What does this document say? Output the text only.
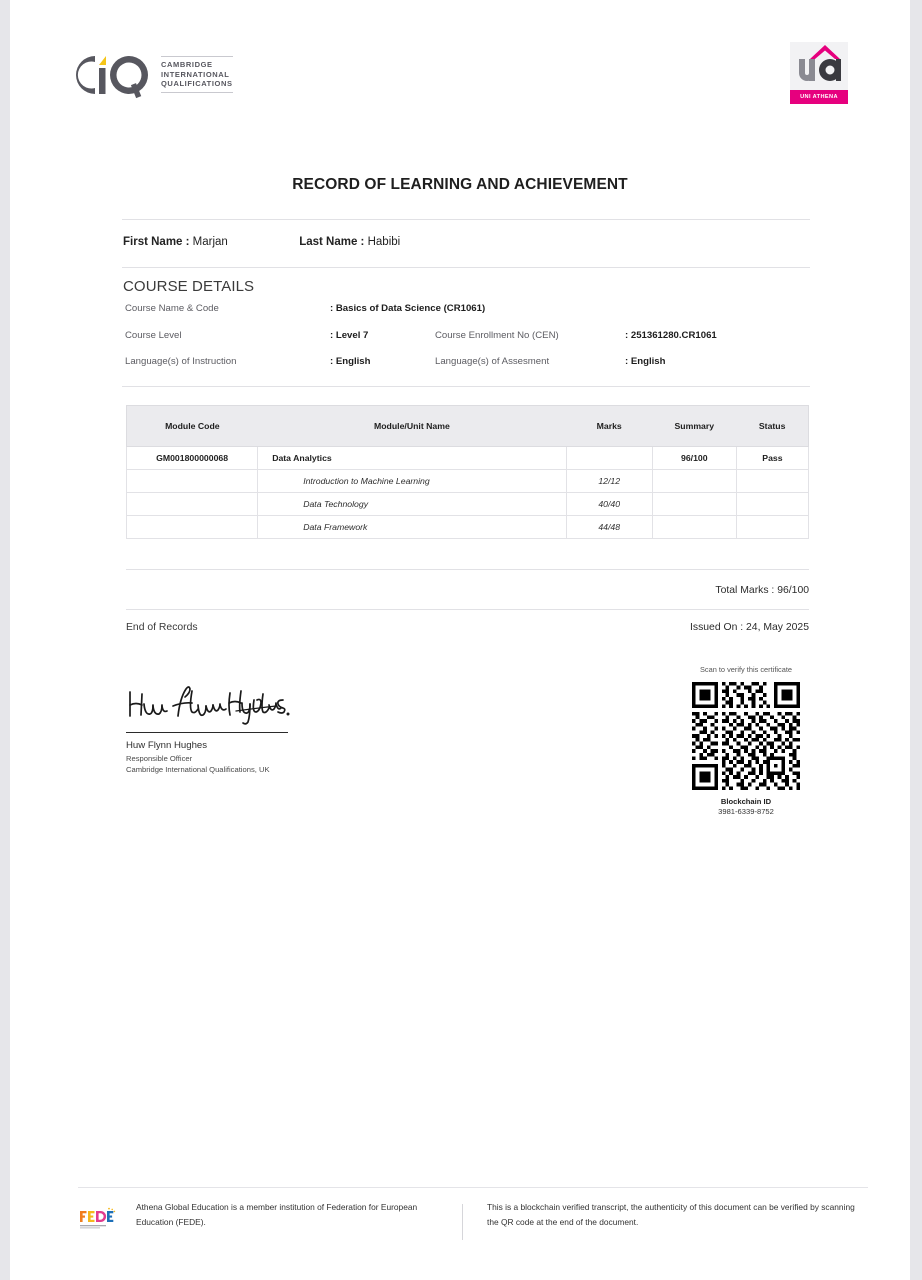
CAMBRIDGE
INTERNATIONAL
QUALIFICATIONS
UNI ATHENA
RECORD OF LEARNING AND ACHIEVEMENT
First Name : Marjan	Last Name : Habibi
COURSE DETAILS
Course Name & Code	: Basics of Data Science (CR1061)
Course Level	: Level 7	Course Enrollment No (CEN)	: 251361280.CR1061
Language(s) of Instruction	: English	Language(s) of Assesment	: English
Module Code	Module/Unit Name	Marks	Summary	Status
GM001800000068	Data Analytics		96/100	Pass
	Introduction to Machine Learning	12/12		
	Data Technology	40/40		
	Data Framework	44/48		
Total Marks : 96/100
End of Records	Issued On : 24, May 2025
Huw Flynn Hughes
Responsible Officer
Cambridge International Qualifications, UK
Scan to verify this certificate
Blockchain ID
3981-6339-8752
Athena Global Education is a member institution of Federation for European Education (FEDE).
This is a blockchain verified transcript, the authenticity of this document can be verified by scanning the QR code at the end of the document.
